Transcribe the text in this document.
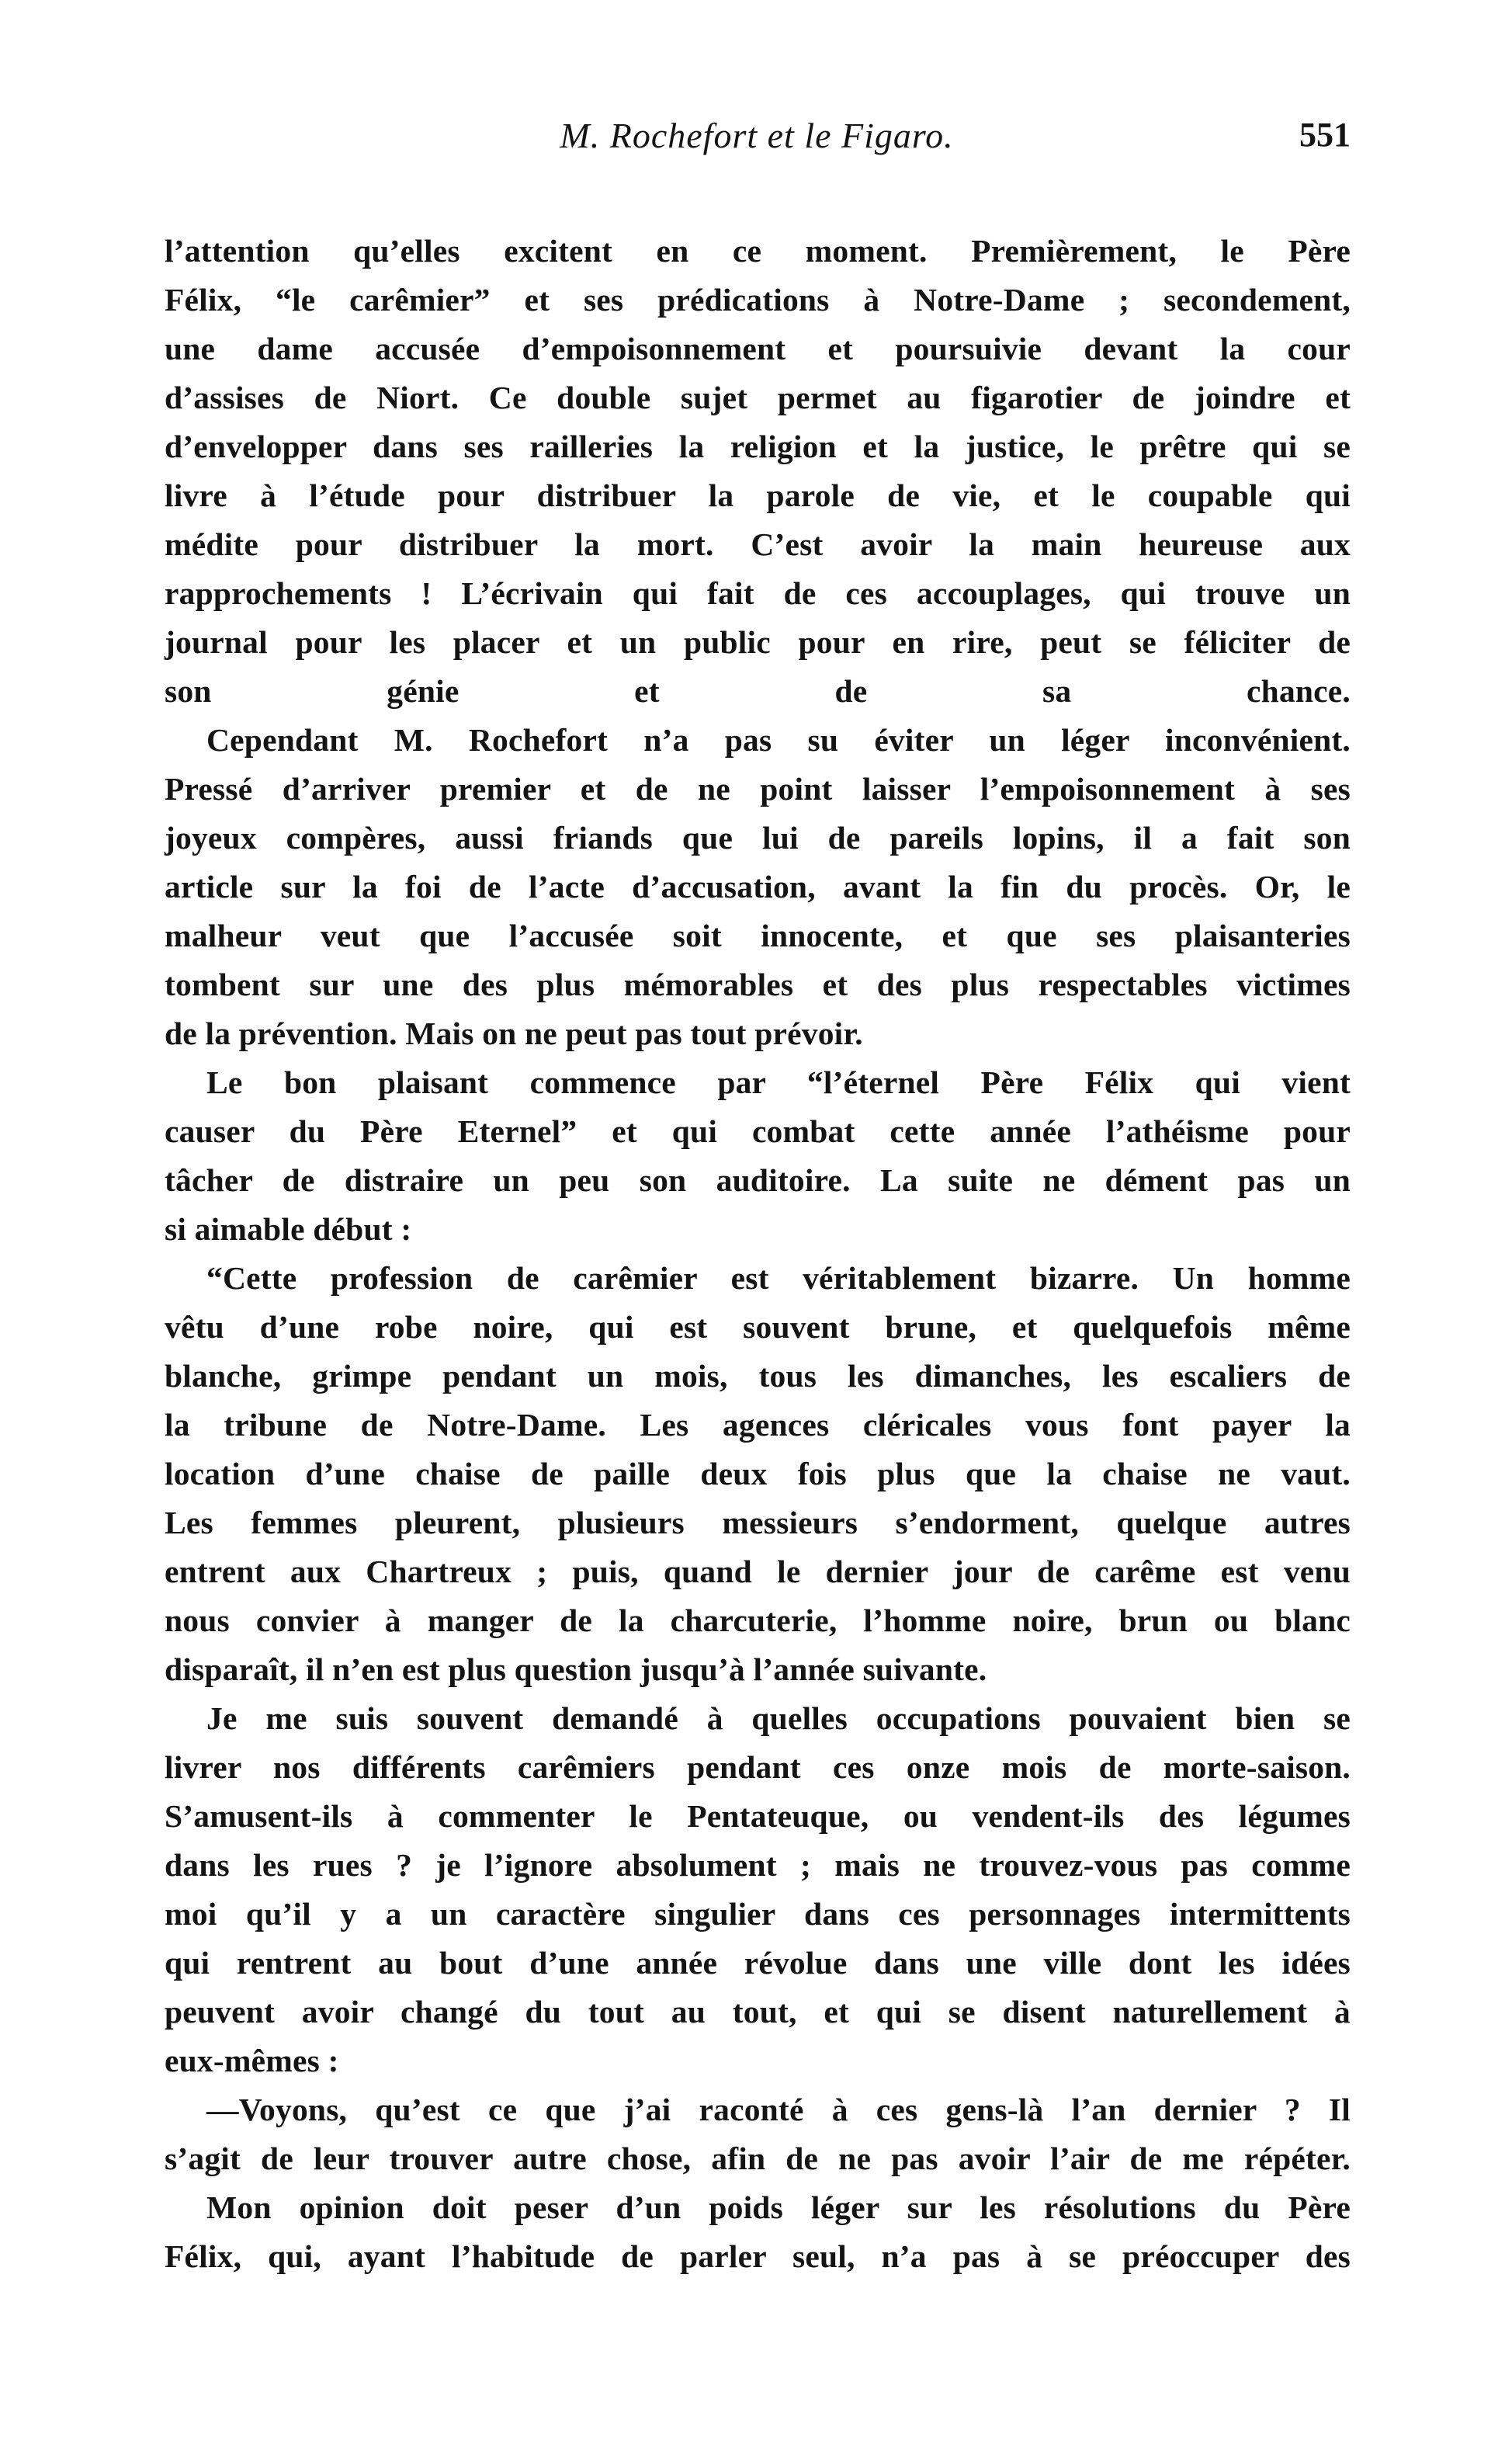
M. Rochefort et le Figaro.	551
l’attention qu’elles excitent en ce moment. Premièrement, le Père
Félix, “le carêmier” et ses prédications à Notre-Dame ; secondement,
une dame accusée d’empoisonnement et poursuivie devant la cour
d’assises de Niort. Ce double sujet permet au figarotier de joindre et
d’envelopper dans ses railleries la religion et la justice, le prêtre qui se
livre à l’étude pour distribuer la parole de vie, et le coupable qui
médite pour distribuer la mort. C’est avoir la main heureuse aux
rapprochements ! L’écrivain qui fait de ces accouplages, qui trouve un
journal pour les placer et un public pour en rire, peut se féliciter de
son génie et de sa chance.
Cependant M. Rochefort n’a pas su éviter un léger inconvénient.
Pressé d’arriver premier et de ne point laisser l’empoisonnement à ses
joyeux compères, aussi friands que lui de pareils lopins, il a fait son
article sur la foi de l’acte d’accusation, avant la fin du procès. Or, le
malheur veut que l’accusée soit innocente, et que ses plaisanteries
tombent sur une des plus mémorables et des plus respectables victimes
de la prévention. Mais on ne peut pas tout prévoir.
Le bon plaisant commence par “l’éternel Père Félix qui vient
causer du Père Eternel” et qui combat cette année l’athéisme pour
tâcher de distraire un peu son auditoire. La suite ne dément pas un
si aimable début :
“Cette profession de carêmier est véritablement bizarre. Un homme
vêtu d’une robe noire, qui est souvent brune, et quelquefois même
blanche, grimpe pendant un mois, tous les dimanches, les escaliers de
la tribune de Notre-Dame. Les agences cléricales vous font payer la
location d’une chaise de paille deux fois plus que la chaise ne vaut.
Les femmes pleurent, plusieurs messieurs s’endorment, quelque autres
entrent aux Chartreux ; puis, quand le dernier jour de carême est venu
nous convier à manger de la charcuterie, l’homme noire, brun ou blanc
disparaît, il n’en est plus question jusqu’à l’année suivante.
Je me suis souvent demandé à quelles occupations pouvaient bien se
livrer nos différents carêmiers pendant ces onze mois de morte-saison.
S’amusent-ils à commenter le Pentateuque, ou vendent-ils des légumes
dans les rues ? je l’ignore absolument ; mais ne trouvez-vous pas comme
moi qu’il y a un caractère singulier dans ces personnages intermittents
qui rentrent au bout d’une année révolue dans une ville dont les idées
peuvent avoir changé du tout au tout, et qui se disent naturellement à
eux-mêmes :
—Voyons, qu’est ce que j’ai raconté à ces gens-là l’an dernier ? Il
s’agit de leur trouver autre chose, afin de ne pas avoir l’air de me répéter.
Mon opinion doit peser d’un poids léger sur les résolutions du Père
Félix, qui, ayant l’habitude de parler seul, n’a pas à se préoccuper des
